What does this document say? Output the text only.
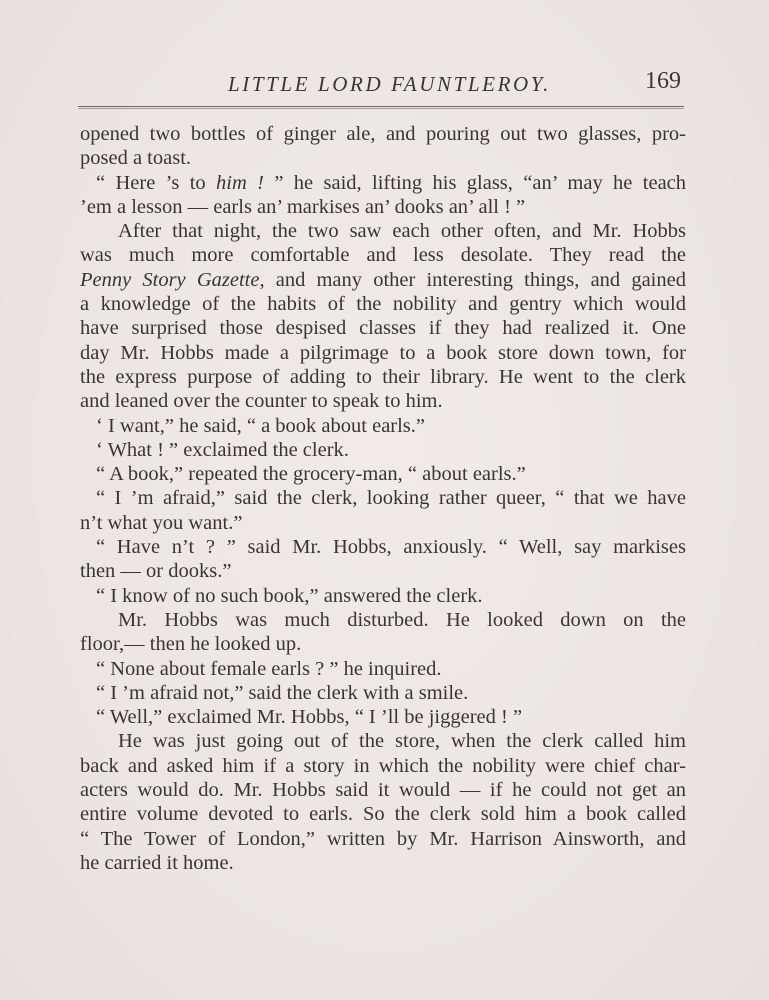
LITTLE LORD FAUNTLEROY.	169
opened two bottles of ginger ale, and pouring out two glasses, pro-
posed a toast.
“ Here ’s to him ! ” he said, lifting his glass, “an’ may he teach
’em a lesson — earls an’ markises an’ dooks an’ all ! ”
After that night, the two saw each other often, and Mr. Hobbs
was much more comfortable and less desolate. They read the
Penny Story Gazette, and many other interesting things, and gained
a knowledge of the habits of the nobility and gentry which would
have surprised those despised classes if they had realized it. One
day Mr. Hobbs made a pilgrimage to a book store down town, for
the express purpose of adding to their library. He went to the clerk
and leaned over the counter to speak to him.
‘ I want,” he said, “ a book about earls.”
‘ What ! ” exclaimed the clerk.
“ A book,” repeated the grocery-man, “ about earls.”
“ I ’m afraid,” said the clerk, looking rather queer, “ that we have
n’t what you want.”
“ Have n’t ? ” said Mr. Hobbs, anxiously. “ Well, say markises
then — or dooks.”
“ I know of no such book,” answered the clerk.
Mr. Hobbs was much disturbed. He looked down on the
floor,— then he looked up.
“ None about female earls ? ” he inquired.
“ I ’m afraid not,” said the clerk with a smile.
“ Well,” exclaimed Mr. Hobbs, “ I ’ll be jiggered ! ”
He was just going out of the store, when the clerk called him
back and asked him if a story in which the nobility were chief char-
acters would do. Mr. Hobbs said it would — if he could not get an
entire volume devoted to earls. So the clerk sold him a book called
“ The Tower of London,” written by Mr. Harrison Ainsworth, and
he carried it home.
